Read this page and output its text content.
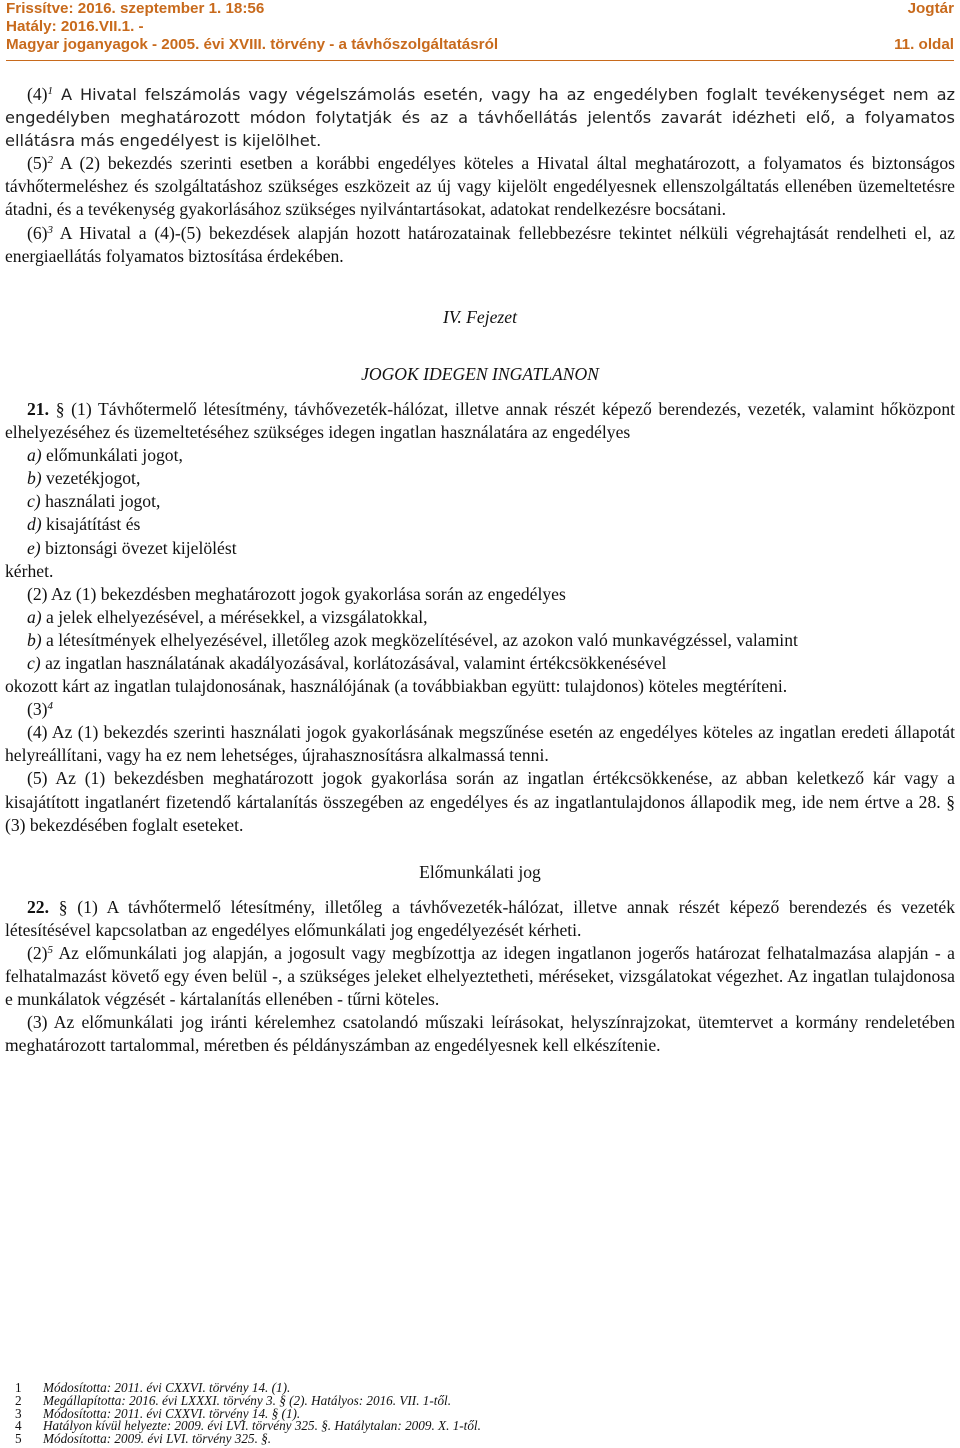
Frissítve: 2016. szeptember 1. 18:56	Jogtár
Hatály: 2016.VII.1. -
Magyar joganyagok - 2005. évi XVIII. törvény - a távhőszolgáltatásról	11. oldal

$(4)^1$ A Hivatal felszámolás vagy végelszámolás esetén, vagy ha az engedélyben foglalt tevékenységet nem az engedélyben meghatározott módon folytatják és az a távhőellátás jelentős zavarát idézheti elő, a folyamatos ellátásra más engedélyest is kijelölhet.

$(5)^2$ A (2) bekezdés szerinti esetben a korábbi engedélyes köteles a Hivatal által meghatározott, a folyamatos és biztonságos távhőtermeléshez és szolgáltatáshoz szükséges eszközeit az új vagy kijelölt engedélyesnek ellenszolgáltatás ellenében üzemeltetésre átadni, és a tevékenység gyakorlásához szükséges nyilvántartásokat, adatokat rendelkezésre bocsátani.

$(6)^3$ A Hivatal a (4)-(5) bekezdések alapján hozott határozatainak fellebbezésre tekintet nélküli végrehajtását rendelheti el, az energiaellátás folyamatos biztosítása érdekében.

IV. Fejezet

JOGOK IDEGEN INGATLANON

21. § (1) Távhőtermelő létesítmény, távhővezeték-hálózat, illetve annak részét képező berendezés, vezeték, valamint hőközpont elhelyezéséhez és üzemeltetéséhez szükséges idegen ingatlan használatára az engedélyes

a) előmunkálati jogot,

b) vezetékjogot,

c) használati jogot,

d) kisajátítást és

e) biztonsági övezet kijelölést

kérhet.

(2) Az (1) bekezdésben meghatározott jogok gyakorlása során az engedélyes

a) a jelek elhelyezésével, a mérésekkel, a vizsgálatokkal,

b) a létesítmények elhelyezésével, illetőleg azok megközelítésével, az azokon való munkavégzéssel, valamint

c) az ingatlan használatának akadályozásával, korlátozásával, valamint értékcsökkenésével

okozott kárt az ingatlan tulajdonosának, használójának (a továbbiakban együtt: tulajdonos) köteles megtéríteni.

$(3)^4$

(4) Az (1) bekezdés szerinti használati jogok gyakorlásának megszűnése esetén az engedélyes köteles az ingatlan eredeti állapotát helyreállítani, vagy ha ez nem lehetséges, újrahasznosításra alkalmassá tenni.

(5) Az (1) bekezdésben meghatározott jogok gyakorlása során az ingatlan értékcsökkenése, az abban keletkező kár vagy a kisajátított ingatlanért fizetendő kártalanítás összegében az engedélyes és az ingatlantulajdonos állapodik meg, ide nem értve a 28. § (3) bekezdésében foglalt eseteket.

Előmunkálati jog

22. § (1) A távhőtermelő létesítmény, illetőleg a távhővezeték-hálózat, illetve annak részét képező berendezés és vezeték létesítésével kapcsolatban az engedélyes előmunkálati jog engedélyezését kérheti.

$(2)^5$ Az előmunkálati jog alapján, a jogosult vagy megbízottja az idegen ingatlanon jogerős határozat felhatalmazása alapján - a felhatalmazást követő egy éven belül -, a szükséges jeleket elhelyeztetheti, méréseket, vizsgálatokat végezhet. Az ingatlan tulajdonosa e munkálatok végzését - kártalanítás ellenében - tűrni köteles.

(3) Az előmunkálati jog iránti kérelemhez csatolandó műszaki leírásokat, helyszínrajzokat, ütemtervet a kormány rendeletében meghatározott tartalommal, méretben és példányszámban az engedélyesnek kell elkészítenie.

1	Módosította: 2011. évi CXXVI. törvény 14. (1).
2	Megállapította: 2016. évi LXXXI. törvény 3. § (2). Hatályos: 2016. VII. 1-től.
3	Módosította: 2011. évi CXXVI. törvény 14. § (1).
4	Hatályon kívül helyezte: 2009. évi LVI. törvény 325. §. Hatálytalan: 2009. X. 1-től.
5	Módosította: 2009. évi LVI. törvény 325. §.
